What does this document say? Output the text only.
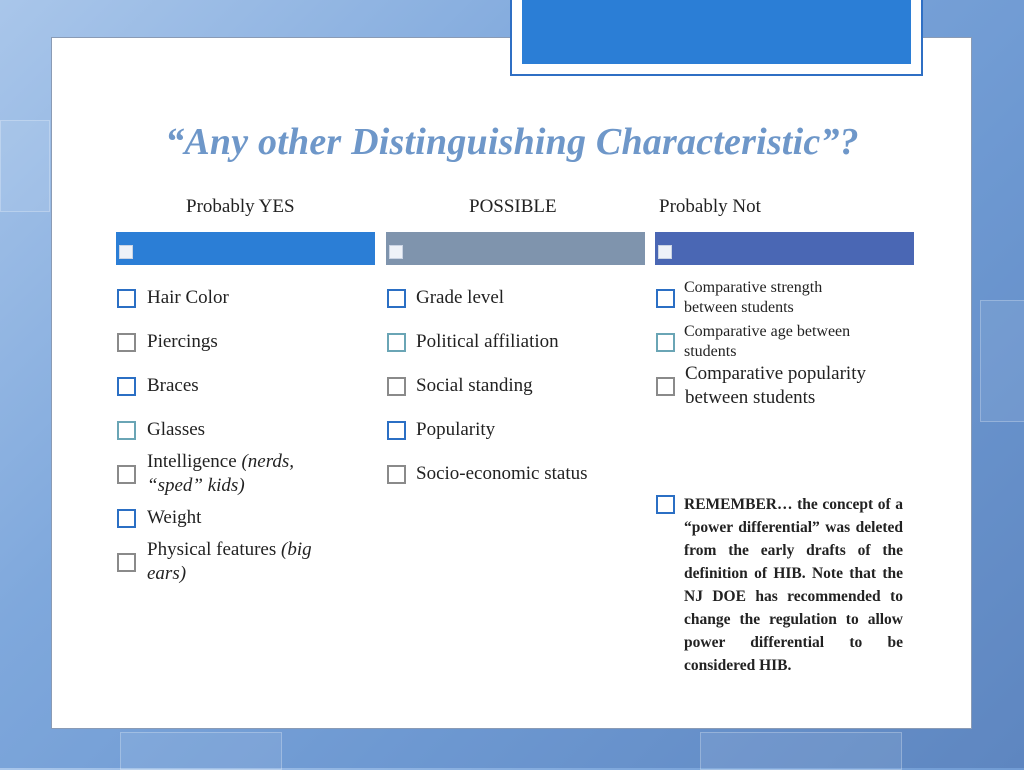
“Any other Distinguishing Characteristic”?
Probably YES	POSSIBLE	Probably Not
Hair Color
Piercings
Braces
Glasses
Intelligence (nerds, “sped” kids)
Weight
Physical features (big ears)
Grade level
Political affiliation
Social standing
Popularity
Socio-economic status
Comparative strength between students
Comparative age between students
Comparative popularity between students
REMEMBER… the concept of a “power differential” was deleted from the early drafts of the definition of HIB. Note that the NJ DOE has recommended to change the regulation to allow power differential to be considered HIB.
